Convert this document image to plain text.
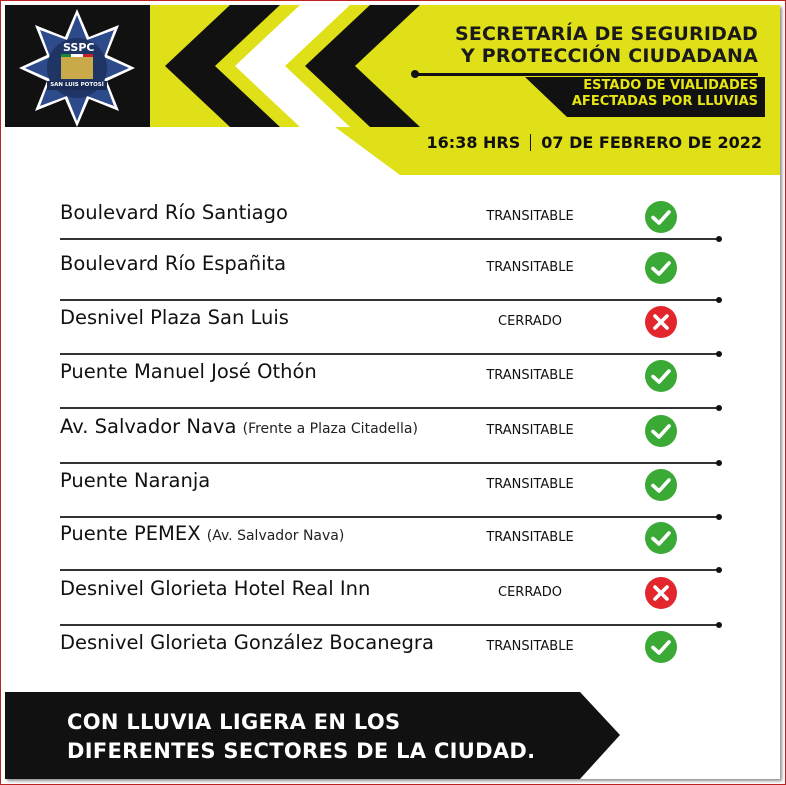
SSPC
SAN LUIS POTOSÍ
SECRETARÍA DE SEGURIDAD
Y PROTECCIÓN CIUDADANA
ESTADO DE VIALIDADES
AFECTADAS POR LLUVIAS
16:38 HRS 07 DE FEBRERO DE 2022
Boulevard Río Santiago	TRANSITABLE
Boulevard Río Españita	TRANSITABLE
Desnivel Plaza San Luis	CERRADO
Puente Manuel José Othón	TRANSITABLE
Av. Salvador Nava (Frente a Plaza Citadella)	TRANSITABLE
Puente Naranja	TRANSITABLE
Puente PEMEX (Av. Salvador Nava)	TRANSITABLE
Desnivel Glorieta Hotel Real Inn	CERRADO
Desnivel Glorieta González Bocanegra	TRANSITABLE
CON LLUVIA LIGERA EN LOS
DIFERENTES SECTORES DE LA CIUDAD.
